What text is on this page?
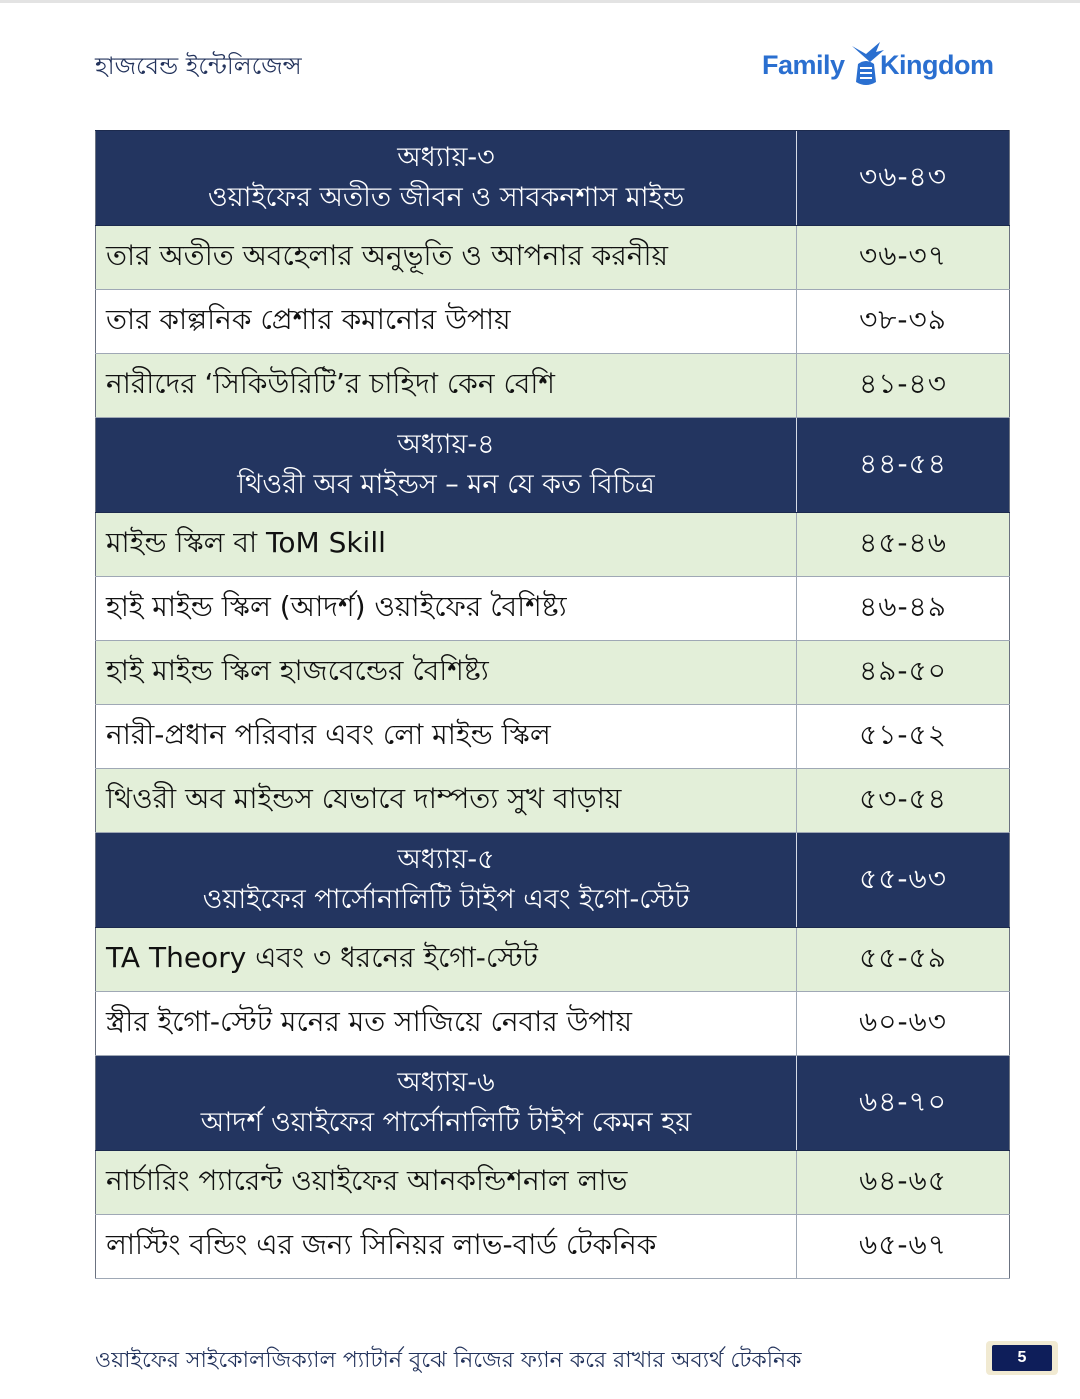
হাজবেন্ড ইন্টেলিজেন্স	Family Kingdom
অধ্যায়-৩
ওয়াইফের অতীত জীবন ও সাবকনশাস মাইন্ড	৩৬-৪৩
তার অতীত অবহেলার অনুভূতি ও আপনার করনীয়	৩৬-৩৭
তার কাল্পনিক প্রেশার কমানোর উপায়	৩৮-৩৯
নারীদের ‘সিকিউরিটি’র চাহিদা কেন বেশি	৪১-৪৩

অধ্যায়-৪
থিওরী অব মাইন্ডস – মন যে কত বিচিত্র	৪৪-৫৪
মাইন্ড স্কিল বা ToM Skill	৪৫-৪৬
হাই মাইন্ড স্কিল (আদর্শ) ওয়াইফের বৈশিষ্ট্য	৪৬-৪৯
হাই মাইন্ড স্কিল হাজবেন্ডের বৈশিষ্ট্য	৪৯-৫০
নারী-প্রধান পরিবার এবং লো মাইন্ড স্কিল	৫১-৫২
থিওরী অব মাইন্ডস যেভাবে দাম্পত্য সুখ বাড়ায়	৫৩-৫৪

অধ্যায়-৫
ওয়াইফের পার্সোনালিটি টাইপ এবং ইগো-স্টেট	৫৫-৬৩
TA Theory এবং ৩ ধরনের ইগো-স্টেট	৫৫-৫৯
স্ত্রীর ইগো-স্টেট মনের মত সাজিয়ে নেবার উপায়	৬০-৬৩

অধ্যায়-৬
আদর্শ ওয়াইফের পার্সোনালিটি টাইপ কেমন হয়	৬৪-৭০
নার্চারিং প্যারেন্ট ওয়াইফের আনকন্ডিশনাল লাভ	৬৪-৬৫
লাস্টিং বন্ডিং এর জন্য সিনিয়র লাভ-বার্ড টেকনিক	৬৫-৬৭
ওয়াইফের সাইকোলজিক্যাল প্যাটার্ন বুঝে নিজের ফ্যান করে রাখার অব্যর্থ টেকনিক	5
